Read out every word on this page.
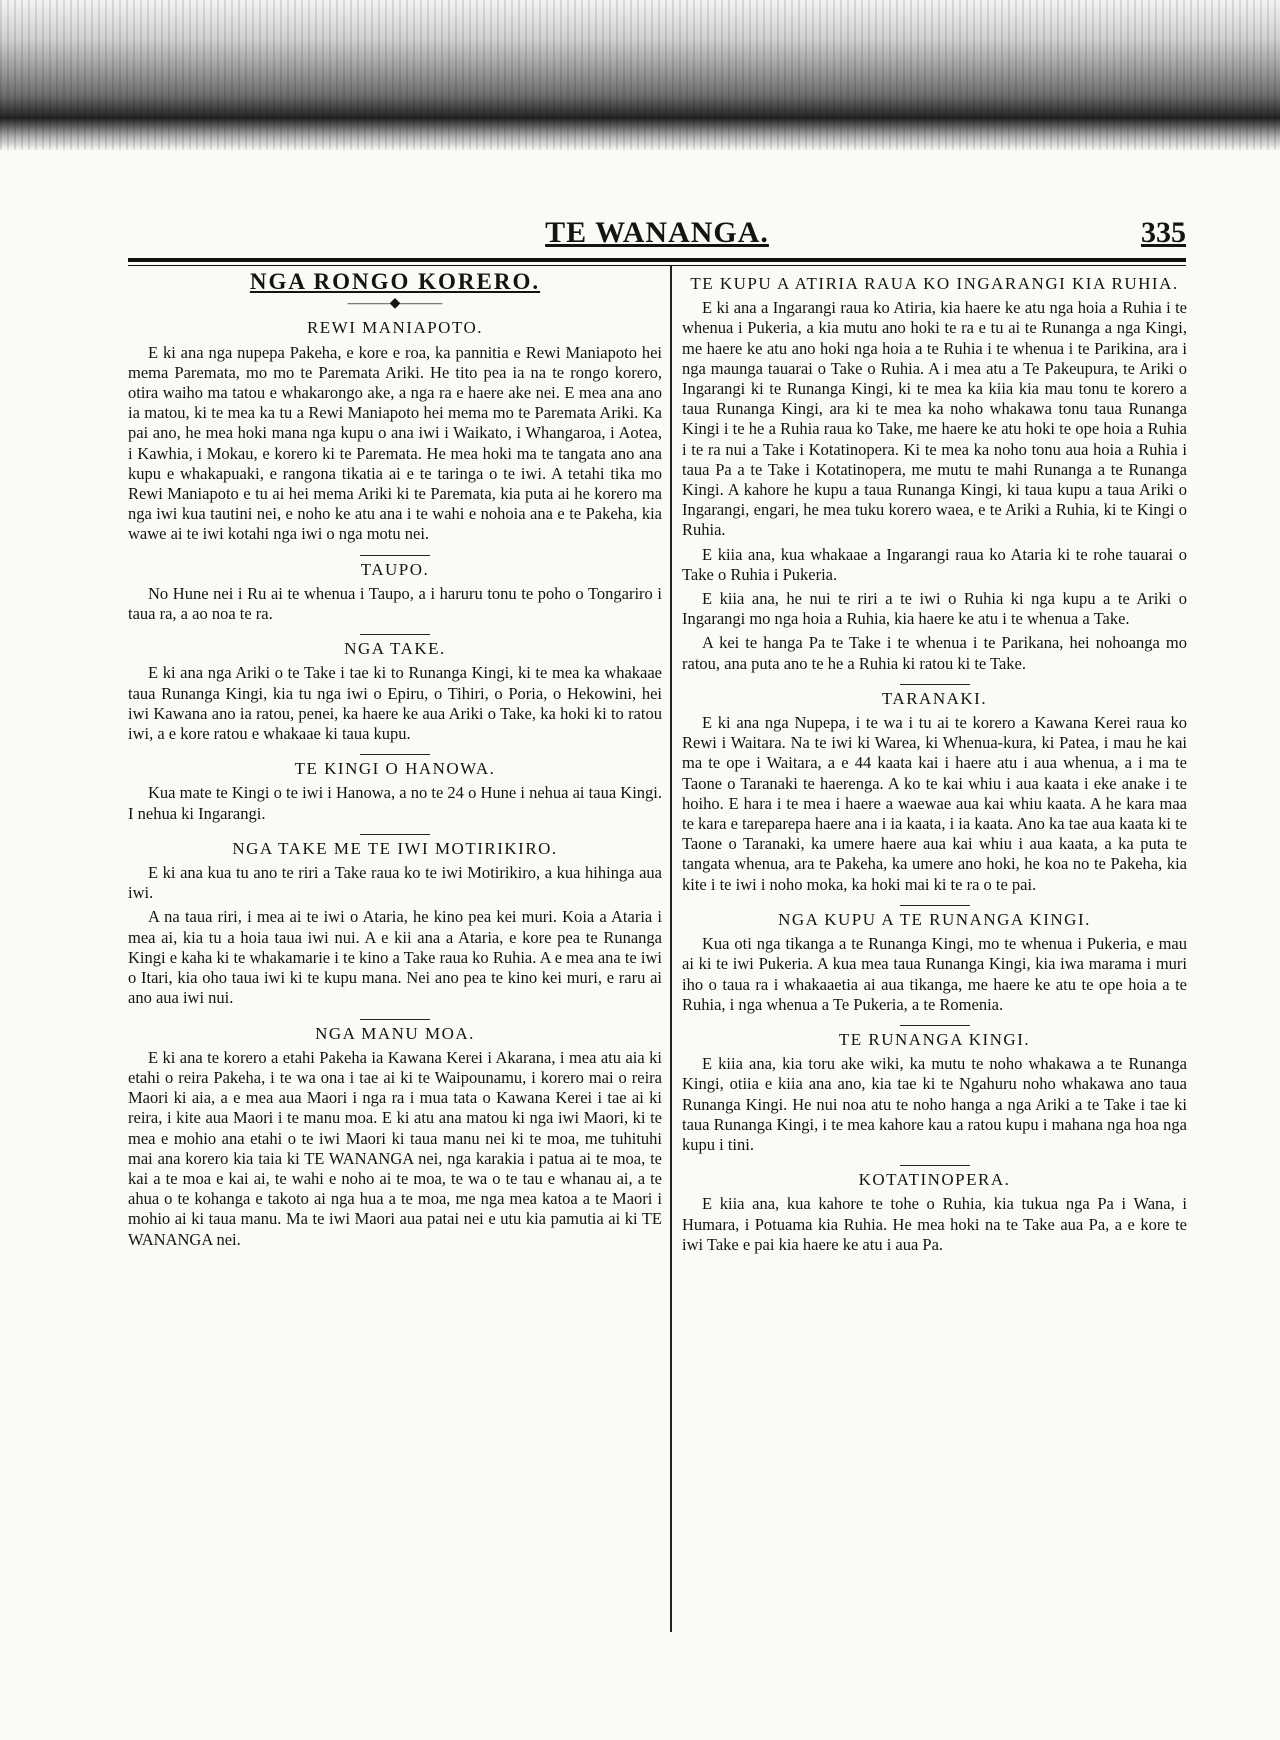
TE WANANGA.	335
NGA RONGO KORERO.
———◆———
REWI MANIAPOTO.

E ki ana nga nupepa Pakeha, e kore e roa, ka pannitia e Rewi Maniapoto hei mema Paremata, mo mo te Paremata Ariki. He tito pea ia na te rongo korero, otira waiho ma tatou e whakarongo ake, a nga ra e haere ake nei. E mea ana ano ia matou, ki te mea ka tu a Rewi Maniapoto hei mema mo te Paremata Ariki. Ka pai ano, he mea hoki mana nga kupu o ana iwi i Waikato, i Whangaroa, i Aotea, i Kawhia, i Mokau, e korero ki te Paremata. He mea hoki ma te tangata ano ana kupu e whakapuaki, e rangona tikatia ai e te taringa o te iwi. A tetahi tika mo Rewi Maniapoto e tu ai hei mema Ariki ki te Paremata, kia puta ai he korero ma nga iwi kua tautini nei, e noho ke atu ana i te wahi e nohoia ana e te Pakeha, kia wawe ai te iwi kotahi nga iwi o nga motu nei.

TAUPO.

No Hune nei i Ru ai te whenua i Taupo, a i haruru tonu te poho o Tongariro i taua ra, a ao noa te ra.

NGA TAKE.

E ki ana nga Ariki o te Take i tae ki to Runanga Kingi, ki te mea ka whakaae taua Runanga Kingi, kia tu nga iwi o Epiru, o Tihiri, o Poria, o Hekowini, hei iwi Kawana ano ia ratou, penei, ka haere ke aua Ariki o Take, ka hoki ki to ratou iwi, a e kore ratou e whakaae ki taua kupu.

TE KINGI O HANOWA.

Kua mate te Kingi o te iwi i Hanowa, a no te 24 o Hune i nehua ai taua Kingi. I nehua ki Ingarangi.

NGA TAKE ME TE IWI MOTIRIKIRO.

E ki ana kua tu ano te riri a Take raua ko te iwi Motirikiro, a kua hihinga aua iwi.

A na taua riri, i mea ai te iwi o Ataria, he kino pea kei muri. Koia a Ataria i mea ai, kia tu a hoia taua iwi nui. A e kii ana a Ataria, e kore pea te Runanga Kingi e kaha ki te whakamarie i te kino a Take raua ko Ruhia. A e mea ana te iwi o Itari, kia oho taua iwi ki te kupu mana. Nei ano pea te kino kei muri, e raru ai ano aua iwi nui.

NGA MANU MOA.

E ki ana te korero a etahi Pakeha ia Kawana Kerei i Akarana, i mea atu aia ki etahi o reira Pakeha, i te wa ona i tae ai ki te Waipounamu, i korero mai o reira Maori ki aia, a e mea aua Maori i nga ra i mua tata o Kawana Kerei i tae ai ki reira, i kite aua Maori i te manu moa. E ki atu ana matou ki nga iwi Maori, ki te mea e mohio ana etahi o te iwi Maori ki taua manu nei ki te moa, me tuhituhi mai ana korero kia taia ki TE WANANGA nei, nga karakia i patua ai te moa, te kai a te moa e kai ai, te wahi e noho ai te moa, te wa o te tau e whanau ai, a te ahua o te kohanga e takoto ai nga hua a te moa, me nga mea katoa a te Maori i mohio ai ki taua manu. Ma te iwi Maori aua patai nei e utu kia pamutia ai ki TE WANANGA nei.

TE KUPU A ATIRIA RAUA KO INGARANGI KIA RUHIA.

E ki ana a Ingarangi raua ko Atiria, kia haere ke atu nga hoia a Ruhia i te whenua i Pukeria, a kia mutu ano hoki te ra e tu ai te Runanga a nga Kingi, me haere ke atu ano hoki nga hoia a te Ruhia i te whenua i te Parikina, ara i nga maunga tauarai o Take o Ruhia. A i mea atu a Te Pakeupura, te Ariki o Ingarangi ki te Runanga Kingi, ki te mea ka kiia kia mau tonu te korero a taua Runanga Kingi, ara ki te mea ka noho whakawa tonu taua Runanga Kingi i te he a Ruhia raua ko Take, me haere ke atu hoki te ope hoia a Ruhia i te ra nui a Take i Kotatinopera. Ki te mea ka noho tonu aua hoia a Ruhia i taua Pa a te Take i Kotatinopera, me mutu te mahi Runanga a te Runanga Kingi. A kahore he kupu a taua Runanga Kingi, ki taua kupu a taua Ariki o Ingarangi, engari, he mea tuku korero waea, e te Ariki a Ruhia, ki te Kingi o Ruhia.

E kiia ana, kua whakaae a Ingarangi raua ko Ataria ki te rohe tauarai o Take o Ruhia i Pukeria.

E kiia ana, he nui te riri a te iwi o Ruhia ki nga kupu a te Ariki o Ingarangi mo nga hoia a Ruhia, kia haere ke atu i te whenua a Take.

A kei te hanga Pa te Take i te whenua i te Parikana, hei nohoanga mo ratou, ana puta ano te he a Ruhia ki ratou ki te Take.

TARANAKI.

E ki ana nga Nupepa, i te wa i tu ai te korero a Kawana Kerei raua ko Rewi i Waitara. Na te iwi ki Warea, ki Whenua-kura, ki Patea, i mau he kai ma te ope i Waitara, a e 44 kaata kai i haere atu i aua whenua, a i ma te Taone o Taranaki te haerenga. A ko te kai whiu i aua kaata i eke anake i te hoiho. E hara i te mea i haere a waewae aua kai whiu kaata. A he kara maa te kara e tareparepa haere ana i ia kaata, i ia kaata. Ano ka tae aua kaata ki te Taone o Taranaki, ka umere haere aua kai whiu i aua kaata, a ka puta te tangata whenua, ara te Pakeha, ka umere ano hoki, he koa no te Pakeha, kia kite i te iwi i noho moka, ka hoki mai ki te ra o te pai.

NGA KUPU A TE RUNANGA KINGI.

Kua oti nga tikanga a te Runanga Kingi, mo te whenua i Pukeria, e mau ai ki te iwi Pukeria. A kua mea taua Runanga Kingi, kia iwa marama i muri iho o taua ra i whakaaetia ai aua tikanga, me haere ke atu te ope hoia a te Ruhia, i nga whenua a Te Pukeria, a te Romenia.

TE RUNANGA KINGI.

E kiia ana, kia toru ake wiki, ka mutu te noho whakawa a te Runanga Kingi, otiia e kiia ana ano, kia tae ki te Ngahuru noho whakawa ano taua Runanga Kingi. He nui noa atu te noho hanga a nga Ariki a te Take i tae ki taua Runanga Kingi, i te mea kahore kau a ratou kupu i mahana nga hoa nga kupu i tini.

KOTATINOPERA.

E kiia ana, kua kahore te tohe o Ruhia, kia tukua nga Pa i Wana, i Humara, i Potuama kia Ruhia. He mea hoki na te Take aua Pa, a e kore te iwi Take e pai kia haere ke atu i aua Pa.
